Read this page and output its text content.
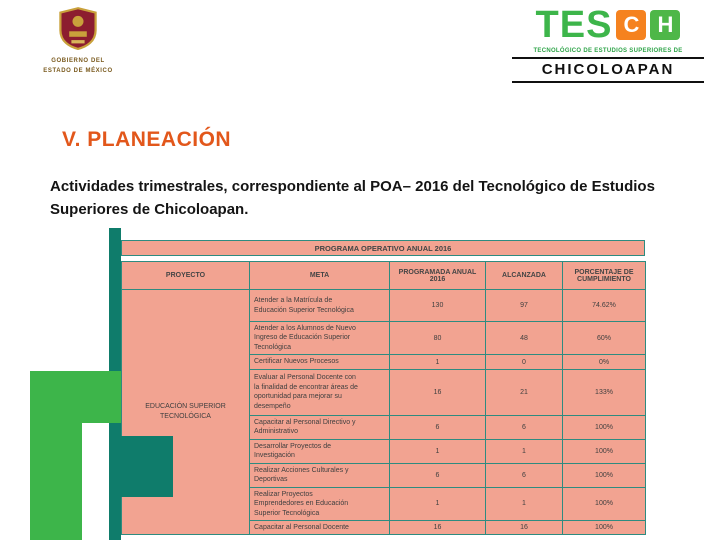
GOBIERNO DEL
ESTADO DE MÉXICO
TES C H
TECNOLÓGICO DE ESTUDIOS SUPERIORES DE
CHICOLOAPAN
V. PLANEACIÓN
Actividades trimestrales, correspondiente al POA– 2016 del Tecnológico de Estudios Superiores de Chicoloapan.
PROGRAMA OPERATIVO ANUAL 2016
PROYECTO	META	PROGRAMADA ANUAL 2016	ALCANZADA	PORCENTAJE DE CUMPLIMIENTO
EDUCACIÓN SUPERIOR TECNOLÓGICA	Atender a la Matrícula de Educación Superior Tecnológica	130	97	74.62%
	Atender a los Alumnos de Nuevo Ingreso de Educación Superior Tecnológica	80	48	60%
	Certificar Nuevos Procesos	1	0	0%
	Evaluar al Personal Docente con la finalidad de encontrar áreas de oportunidad para mejorar su desempeño	16	21	133%
	Capacitar al Personal Directivo y Administrativo	6	6	100%
	Desarrollar Proyectos de Investigación	1	1	100%
	Realizar Acciones Culturales y Deportivas	6	6	100%
	Realizar Proyectos Emprendedores en Educación Superior Tecnológica	1	1	100%
	Capacitar al Personal Docente	16	16	100%
